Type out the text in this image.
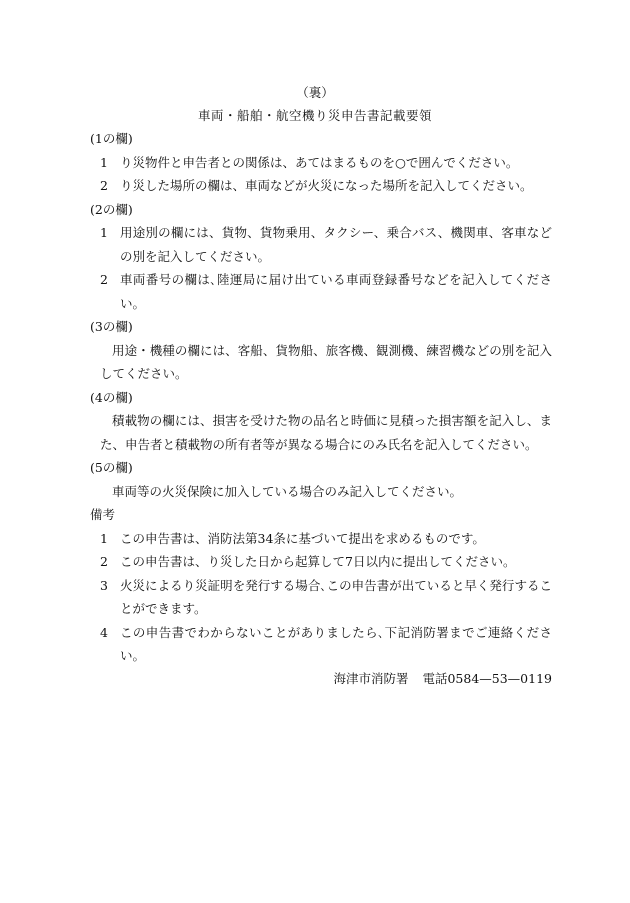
（裏）
車両・船舶・航空機り災申告書記載要領
(1の欄)
1 り災物件と申告者との関係は、あてはまるものを○で囲んでください。
2 り災した場所の欄は、車両などが火災になった場所を記入してください。
(2の欄)
1 用途別の欄には、貨物、貨物乗用、タクシー、乗合バス、機関車、客車などの別を記入してください。
2 車両番号の欄は､陸運局に届け出ている車両登録番号などを記入してください。
(3の欄)

用途・機種の欄には、客船、貨物船、旅客機、観測機、練習機などの別を記入してください。

(4の欄)

積載物の欄には、損害を受けた物の品名と時価に見積った損害額を記入し、また、申告者と積載物の所有者等が異なる場合にのみ氏名を記入してください。

(5の欄)

車両等の火災保険に加入している場合のみ記入してください。

備考
1 この申告書は、消防法第34条に基づいて提出を求めるものです。
2 この申告書は、り災した日から起算して7日以内に提出してください。
3 火災によるり災証明を発行する場合､この申告書が出ていると早く発行することができます。
4 この申告書でわからないことがありましたら､下記消防署までご連絡ください。
海津市消防署 電話0584—53—0119
